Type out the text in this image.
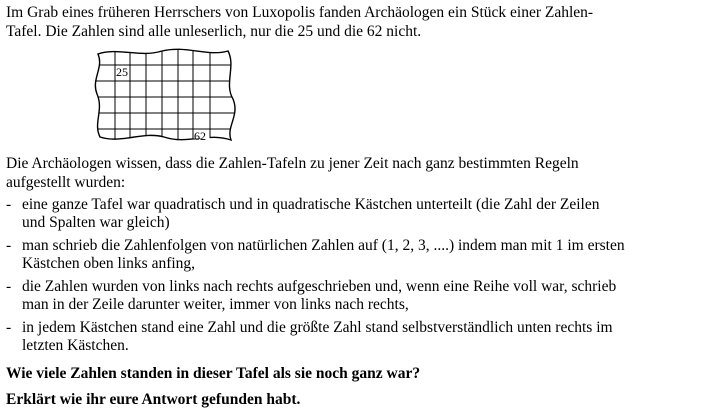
Im Grab eines früheren Herrschers von Luxopolis fanden Archäologen ein Stück einer Zahlen-
Tafel. Die Zahlen sind alle unleserlich, nur die 25 und die 62 nicht.
25
62
Die Archäologen wissen, dass die Zahlen-Tafeln zu jener Zeit nach ganz bestimmten Regeln
aufgestellt wurden:
- eine ganze Tafel war quadratisch und in quadratische Kästchen unterteilt (die Zahl der Zeilen
und Spalten war gleich)
- man schrieb die Zahlenfolgen von natürlichen Zahlen auf (1, 2, 3, ....) indem man mit 1 im ersten
Kästchen oben links anfing,
- die Zahlen wurden von links nach rechts aufgeschrieben und, wenn eine Reihe voll war, schrieb
man in der Zeile darunter weiter, immer von links nach rechts,
- in jedem Kästchen stand eine Zahl und die größte Zahl stand selbstverständlich unten rechts im
letzten Kästchen.
Wie viele Zahlen standen in dieser Tafel als sie noch ganz war?
Erklärt wie ihr eure Antwort gefunden habt.
